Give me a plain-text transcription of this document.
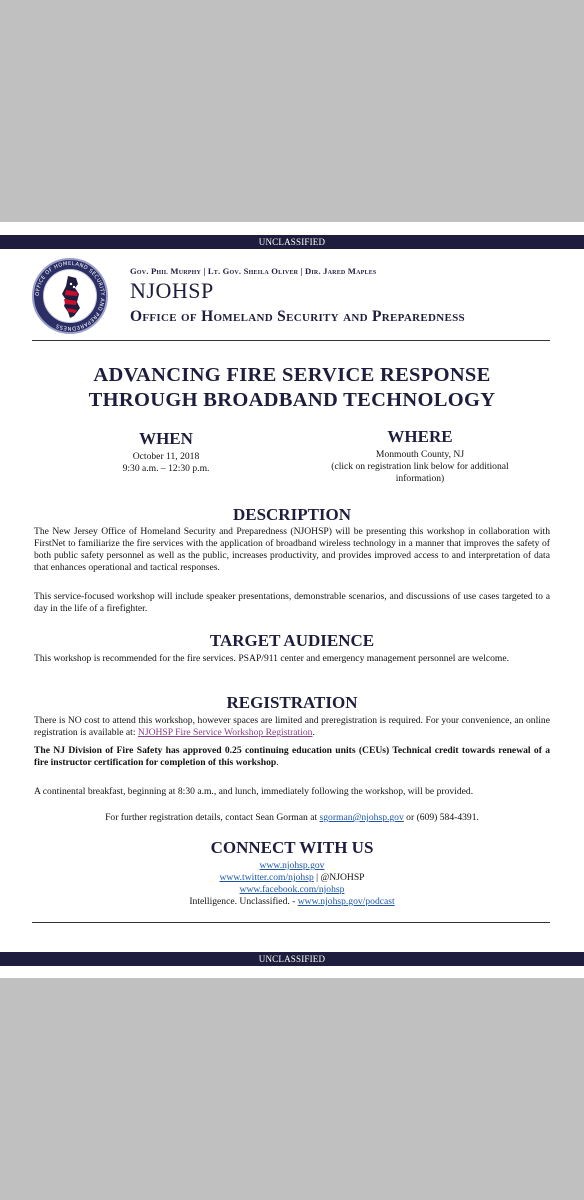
UNCLASSIFIED
OFFICE OF HOMELAND SECURITY AND PREPAREDNESS
Gov. Phil Murphy | Lt. Gov. Sheila Oliver | Dir. Jared Maples
NJOHSP
Office of Homeland Security and Preparedness
ADVANCING FIRE SERVICE RESPONSE
THROUGH BROADBAND TECHNOLOGY
WHEN
October 11, 2018
9:30 a.m. – 12:30 p.m.
WHERE
Monmouth County, NJ
(click on registration link below for additional
information)
DESCRIPTION
The New Jersey Office of Homeland Security and Preparedness (NJOHSP) will be presenting this workshop in collaboration with FirstNet to familiarize the fire services with the application of broadband wireless technology in a manner that improves the safety of both public safety personnel as well as the public, increases productivity, and provides improved access to and interpretation of data that enhances operational and tactical responses.
This service-focused workshop will include speaker presentations, demonstrable scenarios, and discussions of use cases targeted to a day in the life of a firefighter.
TARGET AUDIENCE
This workshop is recommended for the fire services. PSAP/911 center and emergency management personnel are welcome.
REGISTRATION
There is NO cost to attend this workshop, however spaces are limited and preregistration is required. For your convenience, an online registration is available at: NJOHSP Fire Service Workshop Registration.
The NJ Division of Fire Safety has approved 0.25 continuing education units (CEUs) Technical credit towards renewal of a fire instructor certification for completion of this workshop.
A continental breakfast, beginning at 8:30 a.m., and lunch, immediately following the workshop, will be provided.
For further registration details, contact Sean Gorman at sgorman@njohsp.gov or (609) 584-4391.
CONNECT WITH US
www.njohsp.gov
www.twitter.com/njohsp | @NJOHSP
www.facebook.com/njohsp
Intelligence. Unclassified. - www.njohsp.gov/podcast
UNCLASSIFIED
